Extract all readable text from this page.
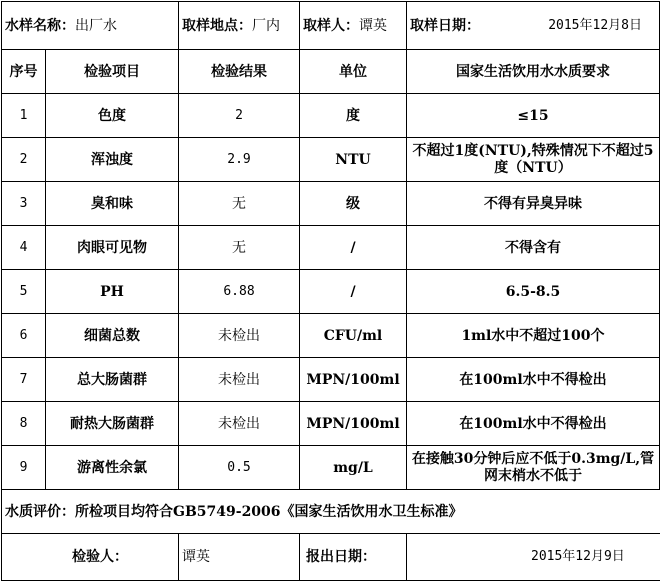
水样名称：出厂水		取样地点：厂内	取样人：谭英	取样日期： 2015年12月8日

序号	检验项目	检验结果	单位	国家生活饮用水水质要求
1	色度	2	度	≤15
2	浑浊度	2.9	NTU	不超过1度(NTU),特殊情况下不超过5度（NTU）
3	臭和味	无	级	不得有异臭异味
4	肉眼可见物	无	/	不得含有
5	PH	6.88	/	6.5-8.5
6	细菌总数	未检出	CFU/ml	1ml水中不超过100个
7	总大肠菌群	未检出	MPN/100ml	在100ml水中不得检出
8	耐热大肠菌群	未检出	MPN/100ml	在100ml水中不得检出
9	游离性余氯	0.5	mg/L	在接触30分钟后应不低于0.3mg/L,管网末梢水不低于

水质评价：所检项目均符合GB5749-2006《国家生活饮用水卫生标准》				
检验人：		谭英	报出日期：	2015年12月9日
